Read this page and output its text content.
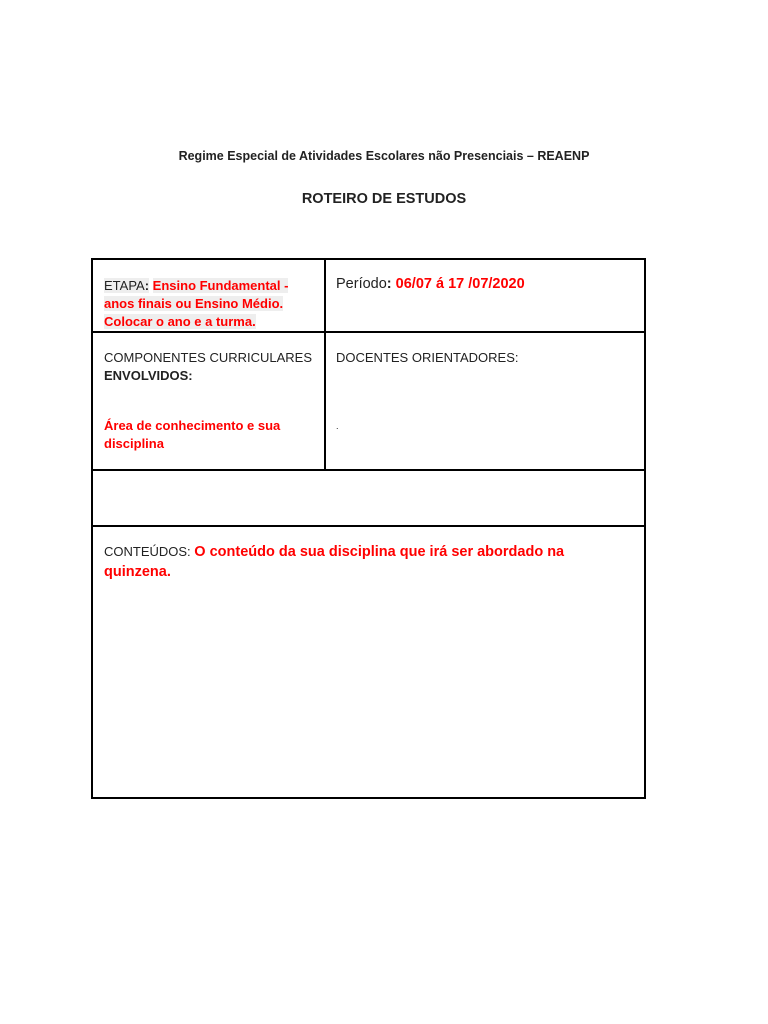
Regime Especial de Atividades Escolares não Presenciais – REAENP
ROTEIRO DE ESTUDOS
ETAPA: Ensino Fundamental - anos finais ou Ensino Médio. Colocar o ano e a turma.
Período: 06/07 á 17 /07/2020
COMPONENTES CURRICULARES
ENVOLVIDOS:
Área de conhecimento e sua disciplina
DOCENTES ORIENTADORES:
.
CONTEÚDOS: O conteúdo da sua disciplina que irá ser abordado na quinzena.
